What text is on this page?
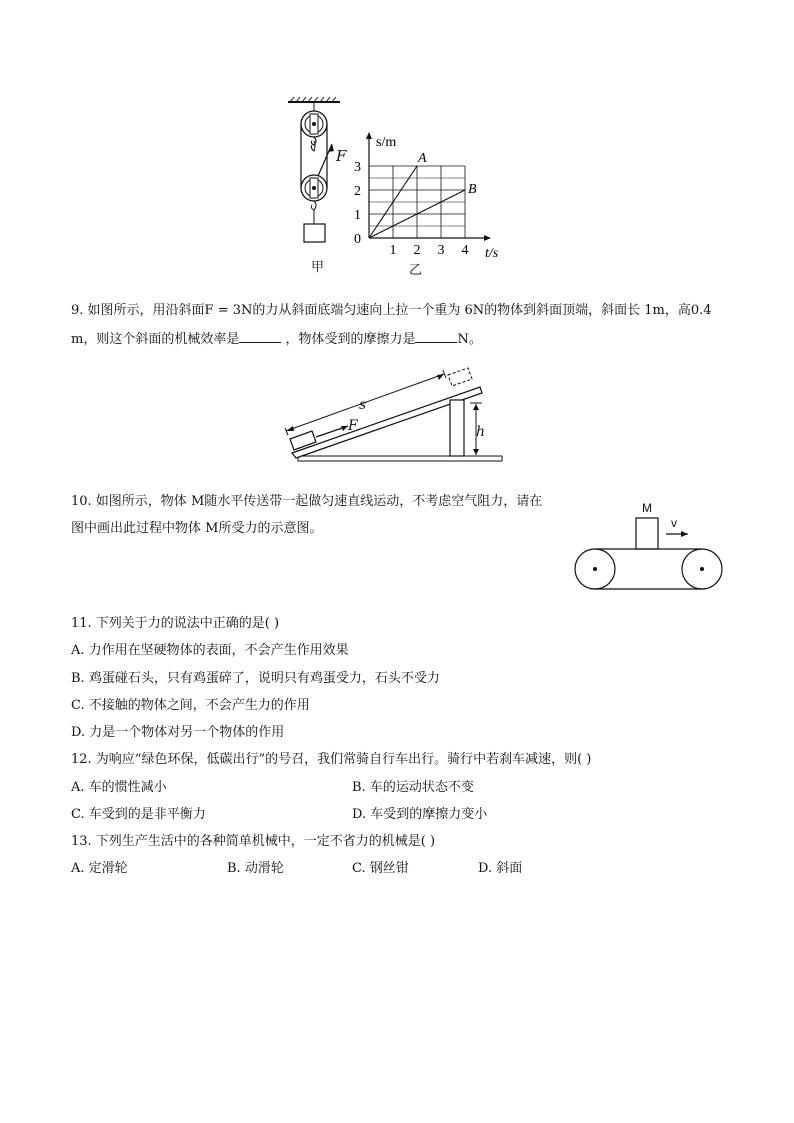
F
甲
1 2 3 4
1
2
3
0
s/m
t/s
A
B
乙
9. 如图所示，用沿斜面F = 3N的力从斜面底端匀速向上拉一个重为 6N的物体到斜面顶端，斜面长 1m，高0.4
m，则这个斜面的机械效率是	，物体受到的摩擦力是	N。
s
F	h
10. 如图所示，物体 M随水平传送带一起做匀速直线运动，不考虑空气阻力，请在
图中画出此过程中物体 M所受力的示意图。
M
v
11. 下列关于力的说法中正确的是( )
A. 力作用在坚硬物体的表面，不会产生作用效果
B. 鸡蛋碰石头，只有鸡蛋碎了，说明只有鸡蛋受力，石头不受力
C. 不接触的物体之间，不会产生力的作用
D. 力是一个物体对另一个物体的作用
12. 为响应“绿色环保，低碳出行”的号召，我们常骑自行车出行。骑行中若刹车减速，则( )
A. 车的惯性减小	B. 车的运动状态不变
C. 车受到的是非平衡力	D. 车受到的摩擦力变小
13. 下列生产生活中的各种简单机械中，一定不省力的机械是( )
A. 定滑轮	B. 动滑轮	C. 钢丝钳	D. 斜面
